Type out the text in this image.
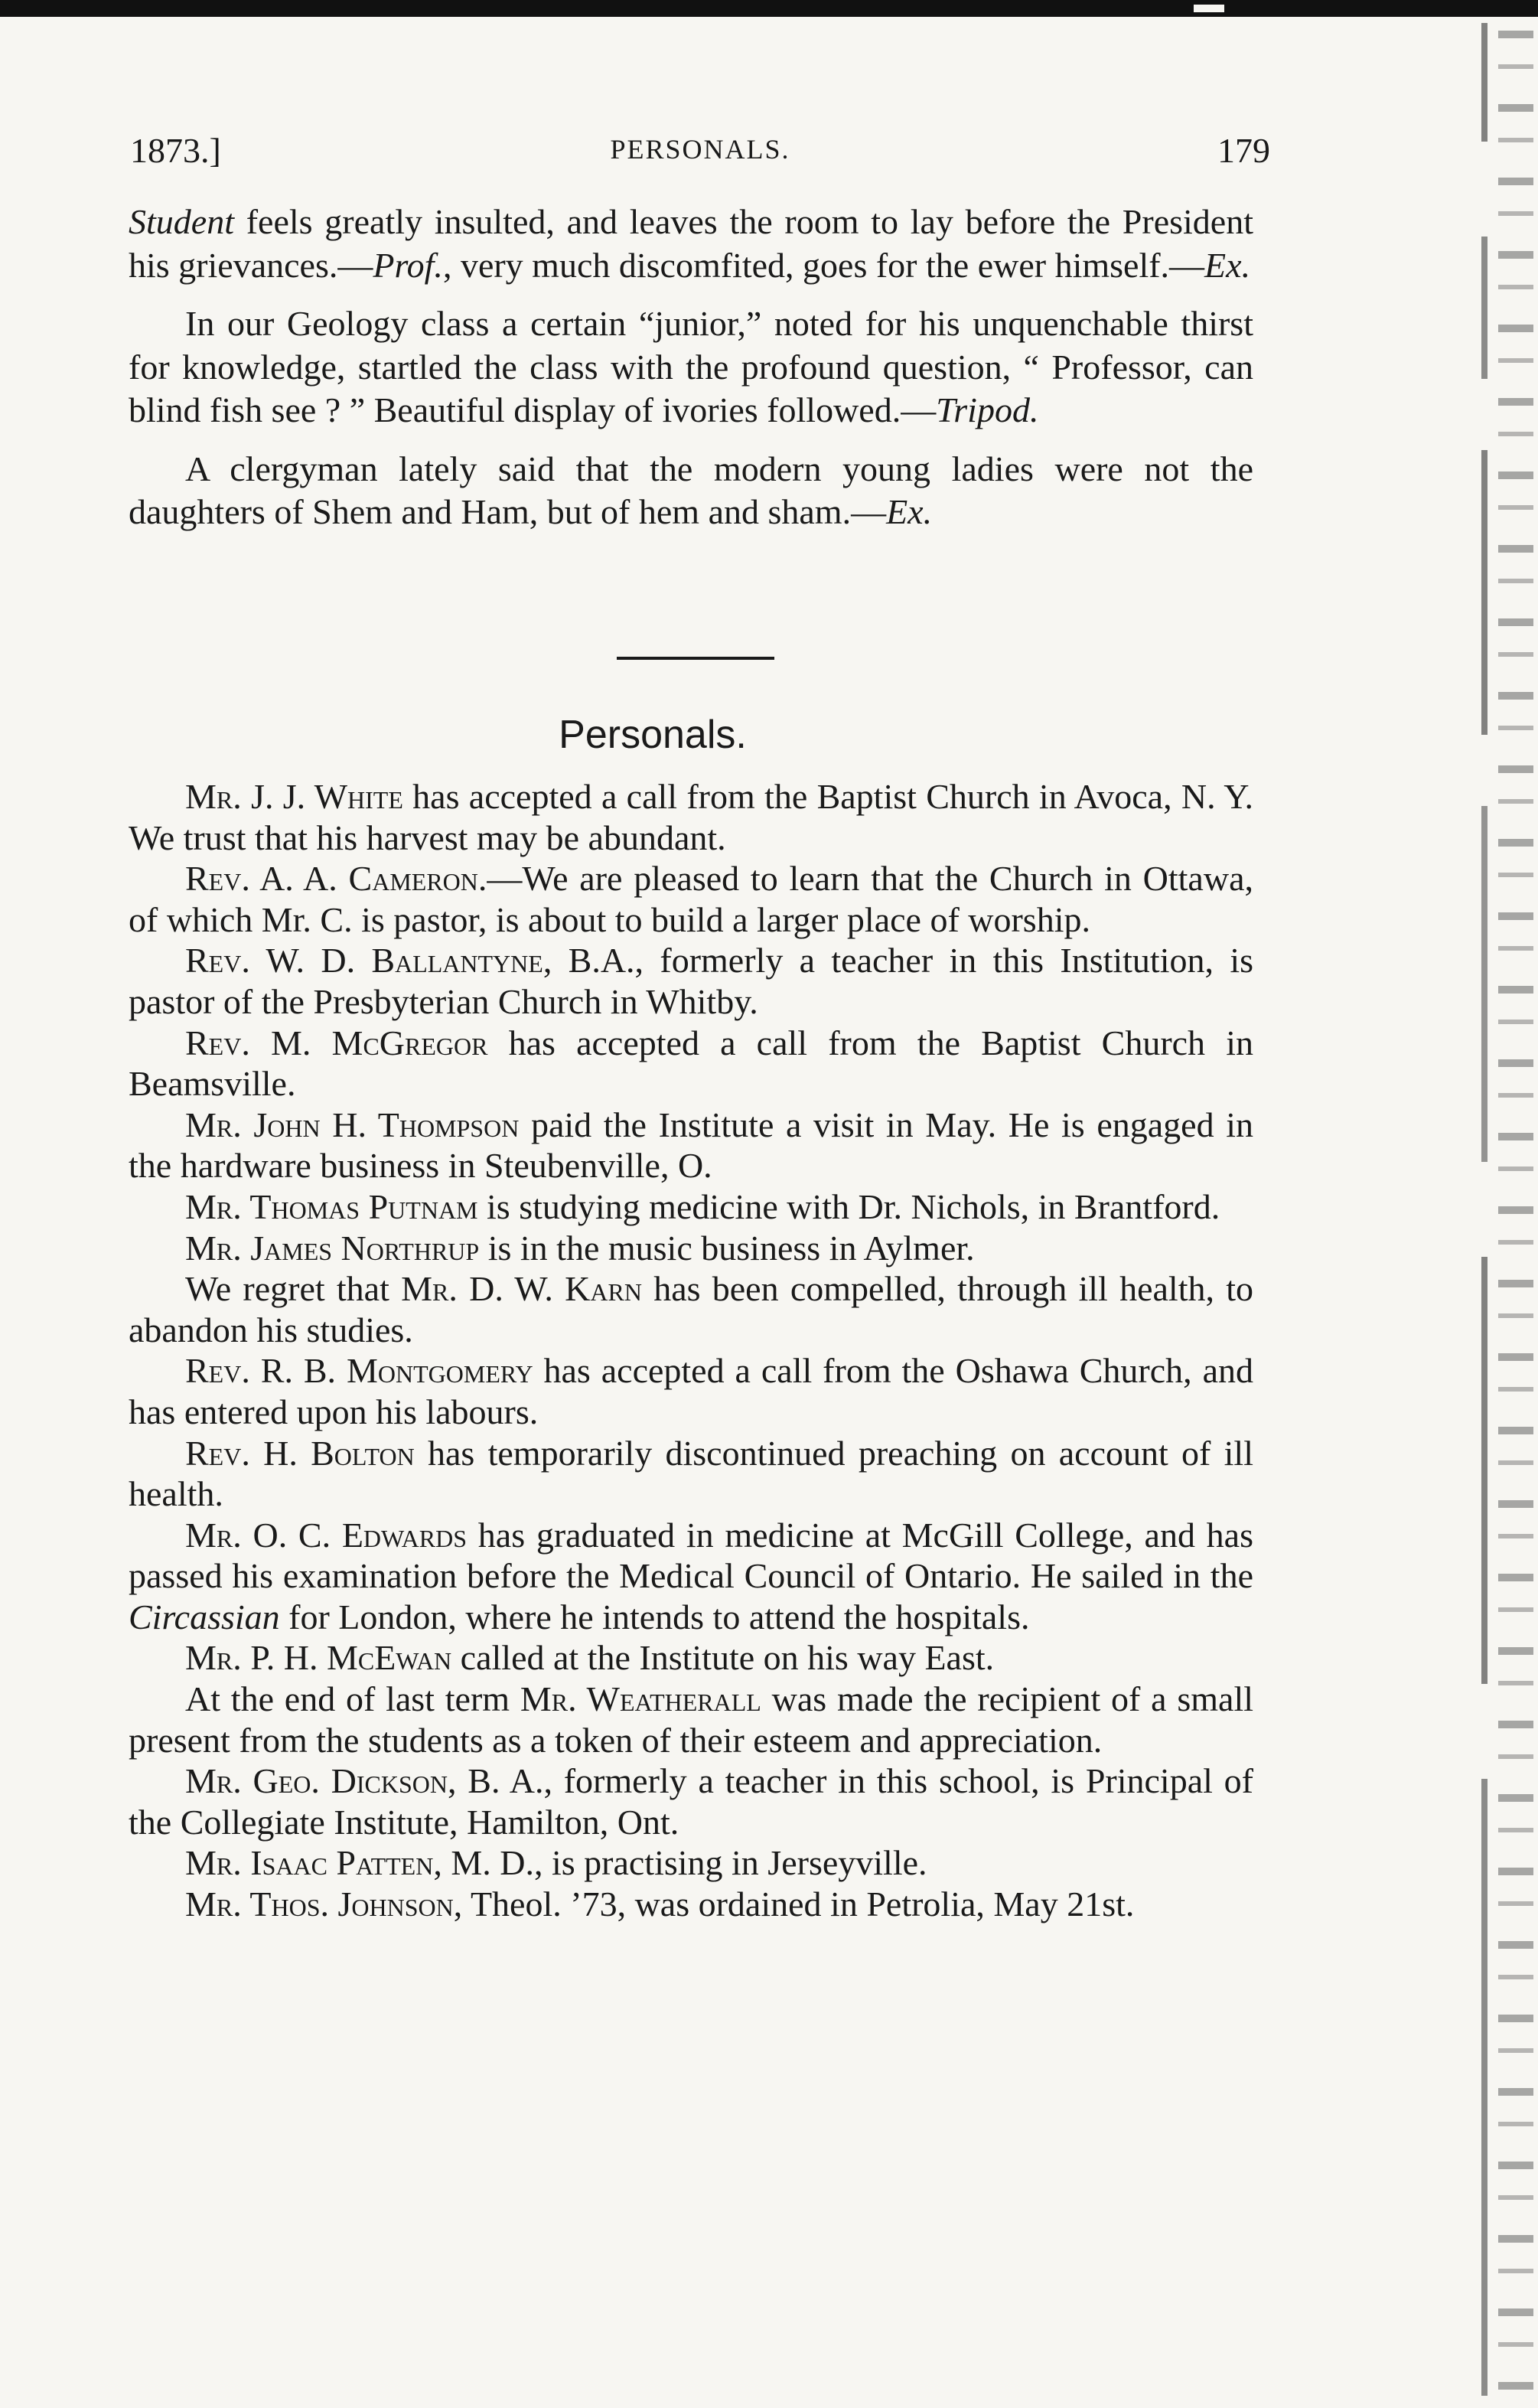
1873.]	PERSONALS.	179

Student feels greatly insulted, and leaves the room to lay before the President his grievances.—Prof., very much discomfited, goes for the ewer himself.—Ex.

In our Geology class a certain “junior,” noted for his unquenchable thirst for knowledge, startled the class with the profound question, “ Professor, can blind fish see ? ” Beautiful display of ivories followed.—Tripod.

A clergyman lately said that the modern young ladies were not the daughters of Shem and Ham, but of hem and sham.—Ex.

Personals.

Mr. J. J. White has accepted a call from the Baptist Church in Avoca, N. Y. We trust that his harvest may be abundant.

Rev. A. A. Cameron.—We are pleased to learn that the Church in Ottawa, of which Mr. C. is pastor, is about to build a larger place of worship.

Rev. W. D. Ballantyne, B.A., formerly a teacher in this Institution, is pastor of the Presbyterian Church in Whitby.

Rev. M. McGregor has accepted a call from the Baptist Church in Beamsville.

Mr. John H. Thompson paid the Institute a visit in May. He is engaged in the hardware business in Steubenville, O.

Mr. Thomas Putnam is studying medicine with Dr. Nichols, in Brantford.

Mr. James Northrup is in the music business in Aylmer.

We regret that Mr. D. W. Karn has been compelled, through ill health, to abandon his studies.

Rev. R. B. Montgomery has accepted a call from the Oshawa Church, and has entered upon his labours.

Rev. H. Bolton has temporarily discontinued preaching on account of ill health.

Mr. O. C. Edwards has graduated in medicine at McGill College, and has passed his examination before the Medical Council of Ontario. He sailed in the Circassian for London, where he intends to attend the hospitals.

Mr. P. H. McEwan called at the Institute on his way East.

At the end of last term Mr. Weatherall was made the recipient of a small present from the students as a token of their esteem and appreciation.

Mr. Geo. Dickson, B. A., formerly a teacher in this school, is Principal of the Collegiate Institute, Hamilton, Ont.

Mr. Isaac Patten, M. D., is practising in Jerseyville.

Mr. Thos. Johnson, Theol. ’73, was ordained in Petrolia, May 21st.
